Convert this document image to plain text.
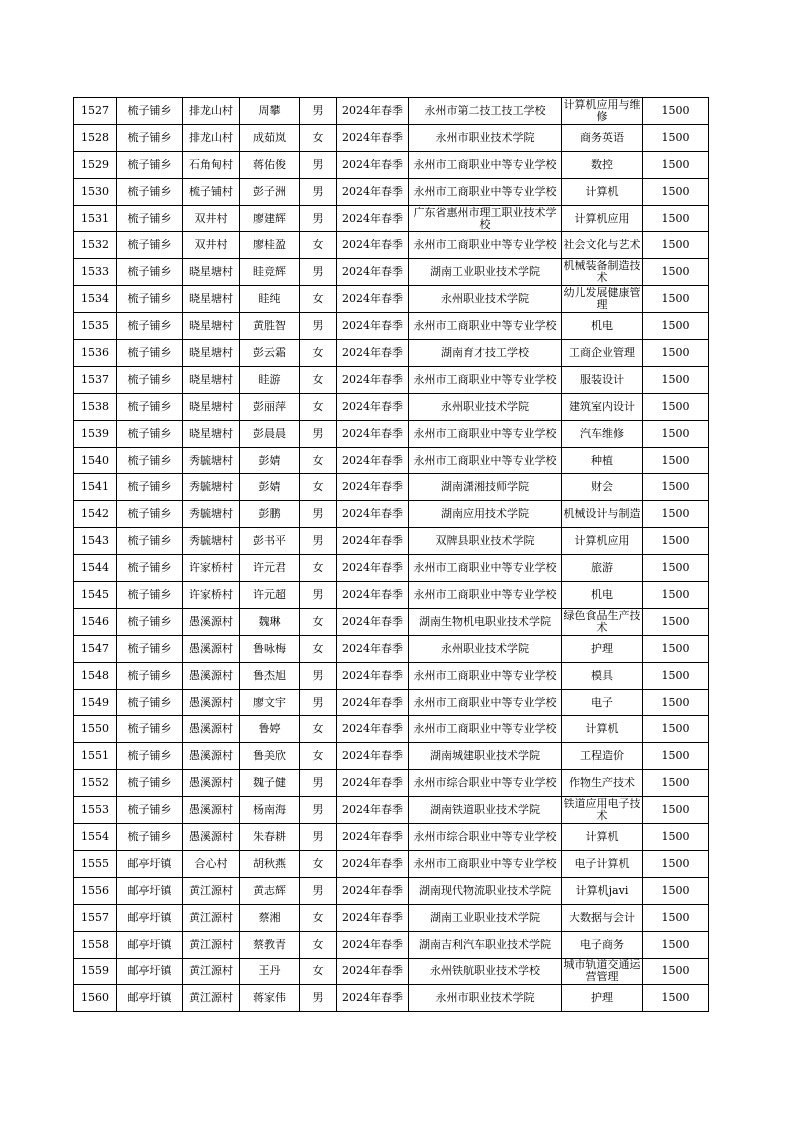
1527	梳子铺乡	排龙山村	周攀	男	2024年春季	永州市第二技工技工学校	计算机应用与维修	1500

1528	梳子铺乡	排龙山村	成茹岚	女	2024年春季	永州市职业技术学院	商务英语	1500

1529	梳子铺乡	石角甸村	蒋佑俊	男	2024年春季	永州市工商职业中等专业学校	数控	1500

1530	梳子铺乡	梳子铺村	彭子洲	男	2024年春季	永州市工商职业中等专业学校	计算机	1500

1531	梳子铺乡	双井村	廖建辉	男	2024年春季	广东省惠州市理工职业技术学校	计算机应用	1500

1532	梳子铺乡	双井村	廖桂盈	女	2024年春季	永州市工商职业中等专业学校	社会文化与艺术	1500

1533	梳子铺乡	晓星塘村	眭竞辉	男	2024年春季	湖南工业职业技术学院	机械装备制造技术	1500

1534	梳子铺乡	晓星塘村	眭纯	女	2024年春季	永州职业技术学院	幼儿发展健康管理	1500

1535	梳子铺乡	晓星塘村	黄胜智	男	2024年春季	永州市工商职业中等专业学校	机电	1500

1536	梳子铺乡	晓星塘村	彭云霜	女	2024年春季	湖南育才技工学校	工商企业管理	1500

1537	梳子铺乡	晓星塘村	眭游	女	2024年春季	永州市工商职业中等专业学校	服装设计	1500

1538	梳子铺乡	晓星塘村	彭丽萍	女	2024年春季	永州职业技术学院	建筑室内设计	1500

1539	梳子铺乡	晓星塘村	彭晨晨	男	2024年春季	永州市工商职业中等专业学校	汽车维修	1500

1540	梳子铺乡	秀毓塘村	彭婧	女	2024年春季	永州市工商职业中等专业学校	种植	1500

1541	梳子铺乡	秀毓塘村	彭婧	女	2024年春季	湖南潇湘技师学院	财会	1500

1542	梳子铺乡	秀毓塘村	彭鹏	男	2024年春季	湖南应用技术学院	机械设计与制造	1500

1543	梳子铺乡	秀毓塘村	彭书平	男	2024年春季	双牌县职业技术学院	计算机应用	1500

1544	梳子铺乡	许家桥村	许元君	女	2024年春季	永州市工商职业中等专业学校	旅游	1500

1545	梳子铺乡	许家桥村	许元超	男	2024年春季	永州市工商职业中等专业学校	机电	1500

1546	梳子铺乡	愚溪源村	魏琳	女	2024年春季	湖南生物机电职业技术学院	绿色食品生产技术	1500

1547	梳子铺乡	愚溪源村	鲁咏梅	女	2024年春季	永州职业技术学院	护理	1500

1548	梳子铺乡	愚溪源村	鲁杰旭	男	2024年春季	永州市工商职业中等专业学校	模具	1500

1549	梳子铺乡	愚溪源村	廖文宇	男	2024年春季	永州市工商职业中等专业学校	电子	1500

1550	梳子铺乡	愚溪源村	鲁婷	女	2024年春季	永州市工商职业中等专业学校	计算机	1500

1551	梳子铺乡	愚溪源村	鲁美欣	女	2024年春季	湖南城建职业技术学院	工程造价	1500

1552	梳子铺乡	愚溪源村	魏子健	男	2024年春季	永州市综合职业中等专业学校	作物生产技术	1500

1553	梳子铺乡	愚溪源村	杨南海	男	2024年春季	湖南铁道职业技术学院	铁道应用电子技术	1500

1554	梳子铺乡	愚溪源村	朱春耕	男	2024年春季	永州市综合职业中等专业学校	计算机	1500

1555	邮亭圩镇	合心村	胡秋燕	女	2024年春季	永州市工商职业中等专业学校	电子计算机	1500

1556	邮亭圩镇	黄江源村	黄志辉	男	2024年春季	湖南现代物流职业技术学院	计算机javi	1500

1557	邮亭圩镇	黄江源村	蔡湘	女	2024年春季	湖南工业职业技术学院	大数据与会计	1500

1558	邮亭圩镇	黄江源村	蔡教青	女	2024年春季	湖南吉利汽车职业技术学院	电子商务	1500

1559	邮亭圩镇	黄江源村	王丹	女	2024年春季	永州铁航职业技术学校	城市轨道交通运营管理	1500

1560	邮亭圩镇	黄江源村	蒋家伟	男	2024年春季	永州市职业技术学院	护理	1500
